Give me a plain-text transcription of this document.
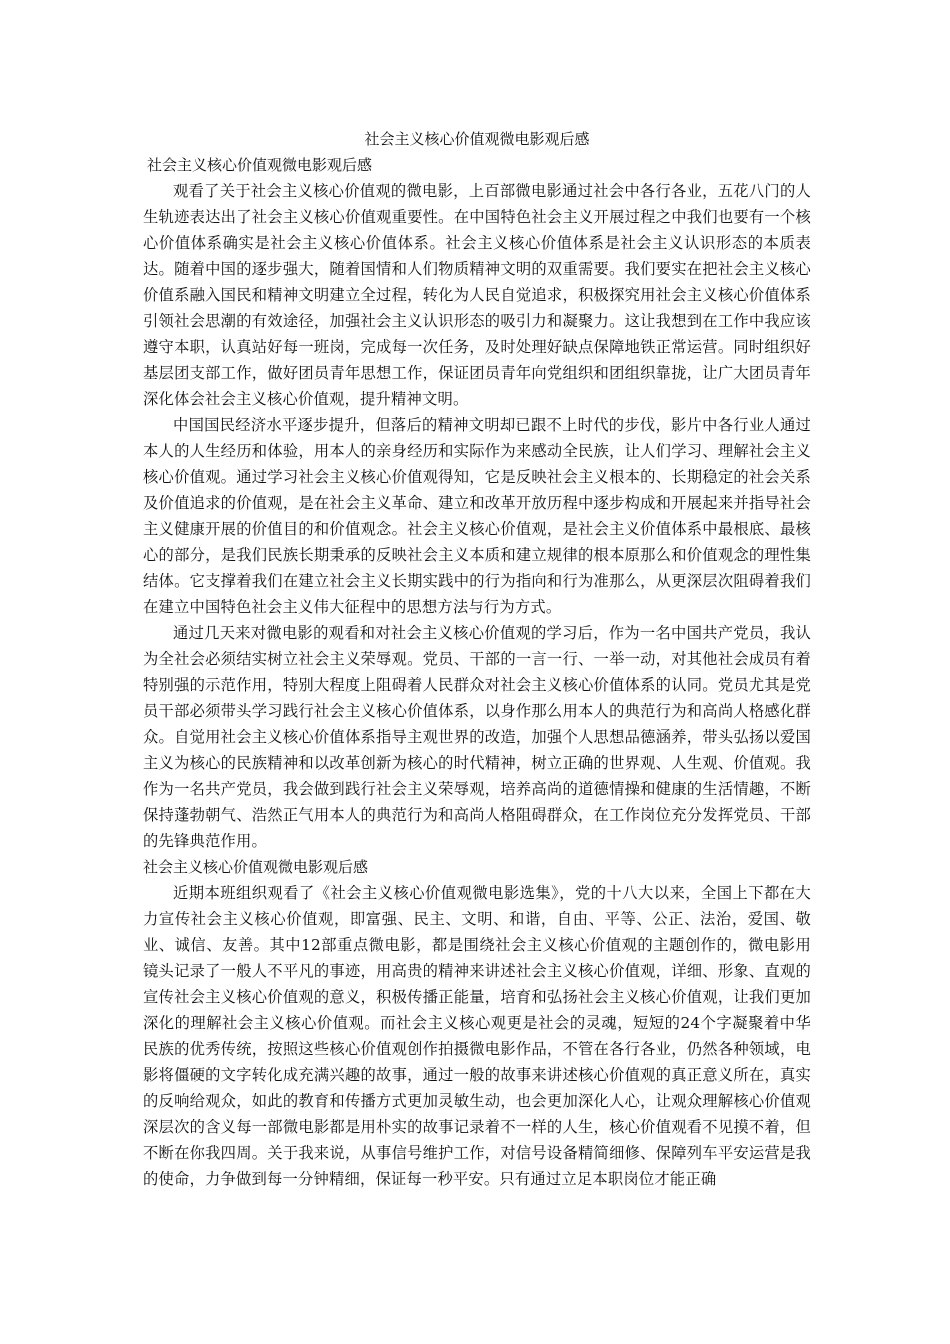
社会主义核心价值观微电影观后感
社会主义核心价值观微电影观后感

观看了关于社会主义核心价值观的微电影，上百部微电影通过社会中各行各业，五花八门的人生轨迹表达出了社会主义核心价值观重要性。在中国特色社会主义开展过程之中我们也要有一个核心价值体系确实是社会主义核心价值体系。社会主义核心价值体系是社会主义认识形态的本质表达。随着中国的逐步强大，随着国情和人们物质精神文明的双重需要。我们要实在把社会主义核心价值系融入国民和精神文明建立全过程，转化为人民自觉追求，积极探究用社会主义核心价值体系引领社会思潮的有效途径，加强社会主义认识形态的吸引力和凝聚力。这让我想到在工作中我应该遵守本职，认真站好每一班岗，完成每一次任务，及时处理好缺点保障地铁正常运营。同时组织好基层团支部工作，做好团员青年思想工作，保证团员青年向党组织和团组织靠拢，让广大团员青年深化体会社会主义核心价值观，提升精神文明。

中国国民经济水平逐步提升，但落后的精神文明却已跟不上时代的步伐，影片中各行业人通过本人的人生经历和体验，用本人的亲身经历和实际作为来感动全民族，让人们学习、理解社会主义核心价值观。通过学习社会主义核心价值观得知，它是反映社会主义根本的、长期稳定的社会关系及价值追求的价值观，是在社会主义革命、建立和改革开放历程中逐步构成和开展起来并指导社会主义健康开展的价值目的和价值观念。社会主义核心价值观，是社会主义价值体系中最根底、最核心的部分，是我们民族长期秉承的反映社会主义本质和建立规律的根本原那么和价值观念的理性集结体。它支撑着我们在建立社会主义长期实践中的行为指向和行为准那么，从更深层次阻碍着我们在建立中国特色社会主义伟大征程中的思想方法与行为方式。

通过几天来对微电影的观看和对社会主义核心价值观的学习后，作为一名中国共产党员，我认为全社会必须结实树立社会主义荣辱观。党员、干部的一言一行、一举一动，对其他社会成员有着特别强的示范作用，特别大程度上阻碍着人民群众对社会主义核心价值体系的认同。党员尤其是党员干部必须带头学习践行社会主义核心价值体系，以身作那么用本人的典范行为和高尚人格感化群众。自觉用社会主义核心价值体系指导主观世界的改造，加强个人思想品德涵养，带头弘扬以爱国主义为核心的民族精神和以改革创新为核心的时代精神，树立正确的世界观、人生观、价值观。我作为一名共产党员，我会做到践行社会主义荣辱观，培养高尚的道德情操和健康的生活情趣，不断保持蓬勃朝气、浩然正气用本人的典范行为和高尚人格阻碍群众，在工作岗位充分发挥党员、干部的先锋典范作用。

社会主义核心价值观微电影观后感

近期本班组织观看了《社会主义核心价值观微电影选集》，党的十八大以来，全国上下都在大力宣传社会主义核心价值观，即富强、民主、文明、和谐，自由、平等、公正、法治，爱国、敬业、诚信、友善。其中12部重点微电影，都是围绕社会主义核心价值观的主题创作的，微电影用镜头记录了一般人不平凡的事迹，用高贵的精神来讲述社会主义核心价值观，详细、形象、直观的宣传社会主义核心价值观的意义，积极传播正能量，培育和弘扬社会主义核心价值观，让我们更加深化的理解社会主义核心价值观。而社会主义核心观更是社会的灵魂，短短的24个字凝聚着中华民族的优秀传统，按照这些核心价值观创作拍摄微电影作品，不管在各行各业，仍然各种领域，电影将僵硬的文字转化成充满兴趣的故事，通过一般的故事来讲述核心价值观的真正意义所在，真实的反响给观众，如此的教育和传播方式更加灵敏生动，也会更加深化人心，让观众理解核心价值观深层次的含义每一部微电影都是用朴实的故事记录着不一样的人生，核心价值观看不见摸不着，但不断在你我四周。关于我来说，从事信号维护工作，对信号设备精简细修、保障列车平安运营是我的使命，力争做到每一分钟精细，保证每一秒平安。只有通过立足本职岗位才能正确
